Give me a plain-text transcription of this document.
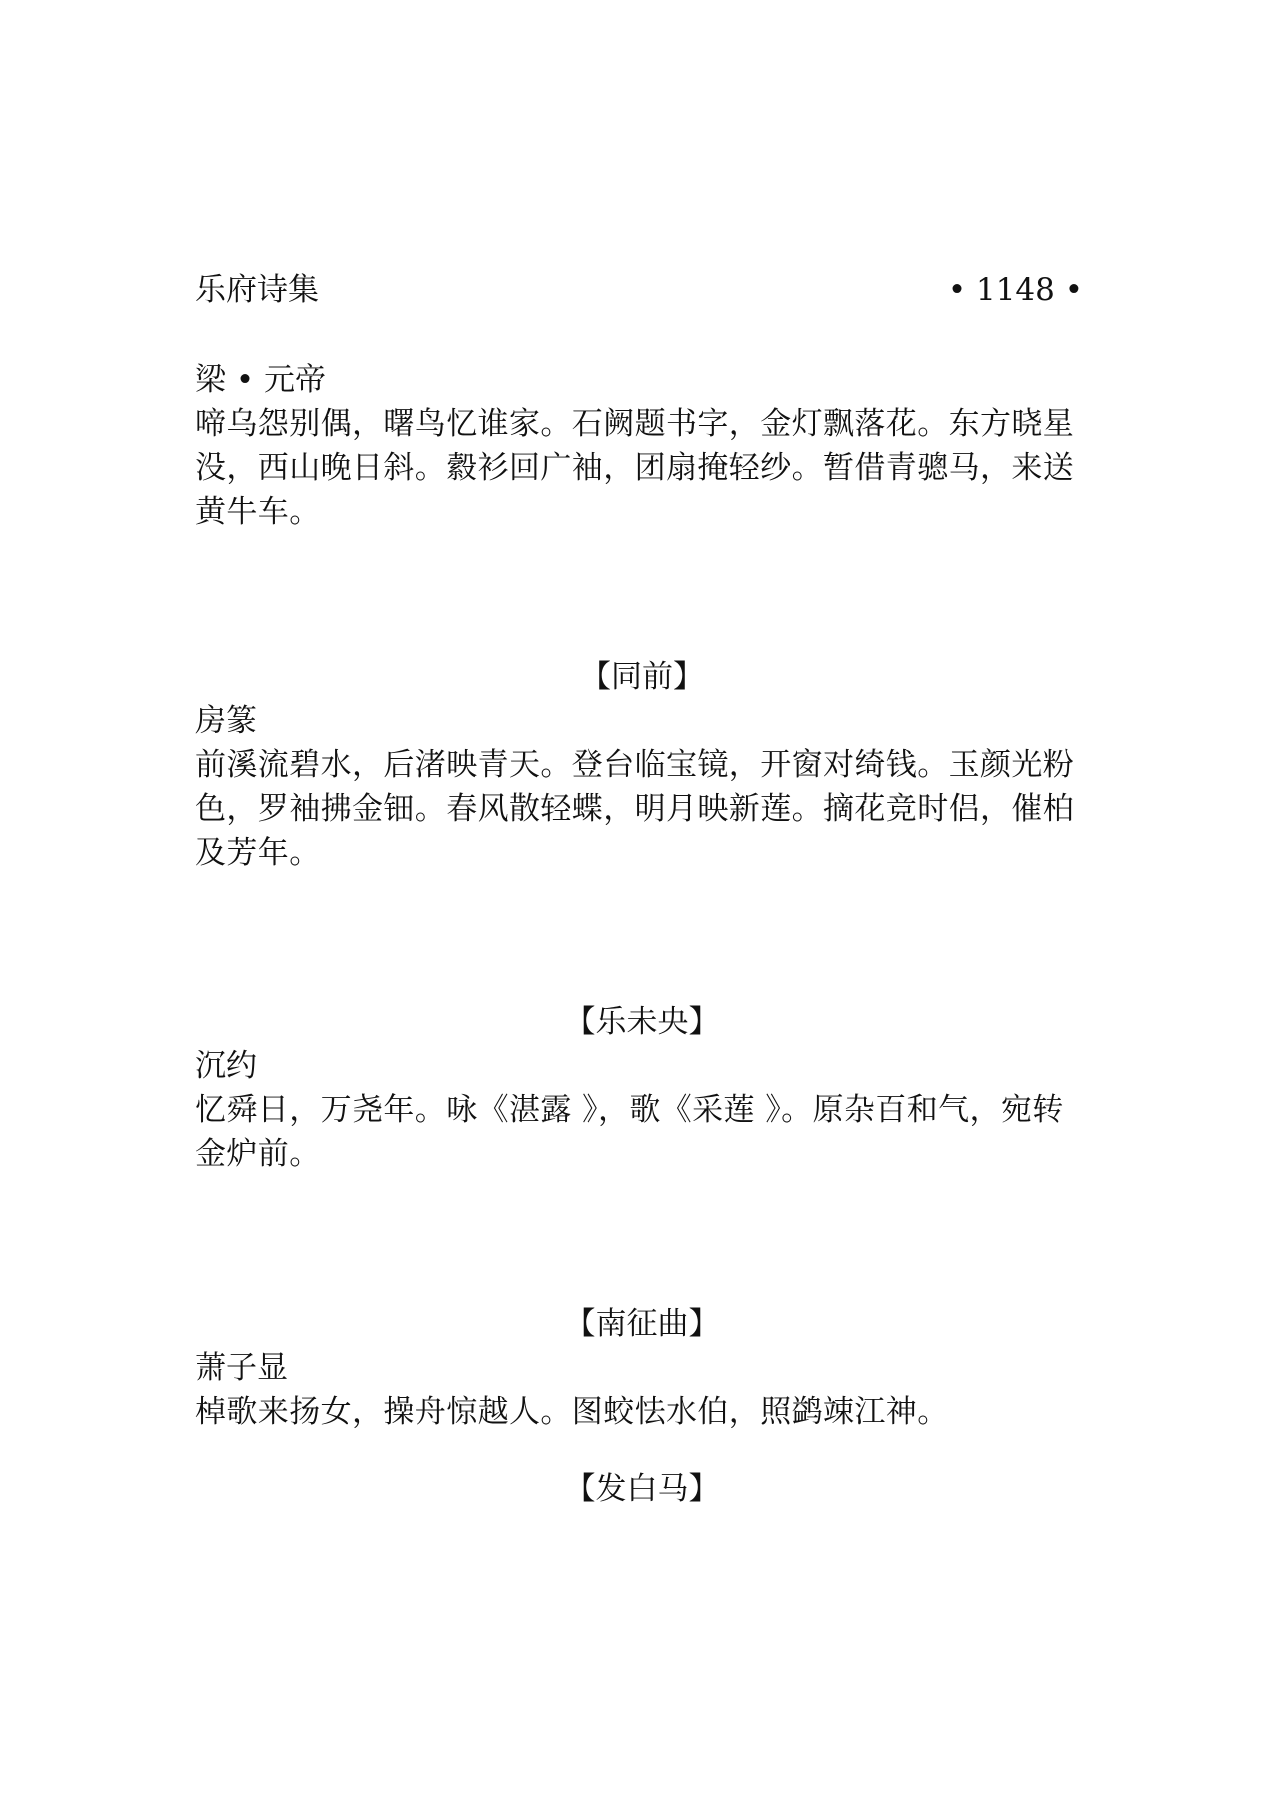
乐府诗集	• 1148 •
梁 • 元帝
啼乌怨别偶，曙鸟忆谁家。石阙题书字，金灯飘落花。东方晓星没，西山晚日斜。縠衫回广袖，团扇掩轻纱。暂借青骢马，来送黄牛车。
【同前】
房篆
前溪流碧水，后渚映青天。登台临宝镜，开窗对绮钱。玉颜光粉色，罗袖拂金钿。春风散轻蝶，明月映新莲。摘花竞时侣，催柏及芳年。
【乐未央】
沉约
忆舜日，万尧年。咏《湛露 》，歌《采莲 》。原杂百和气，宛转金炉前。
【南征曲】
萧子显
棹歌来扬女，操舟惊越人。图蛟怯水伯，照鹢竦江神。
【发白马】
